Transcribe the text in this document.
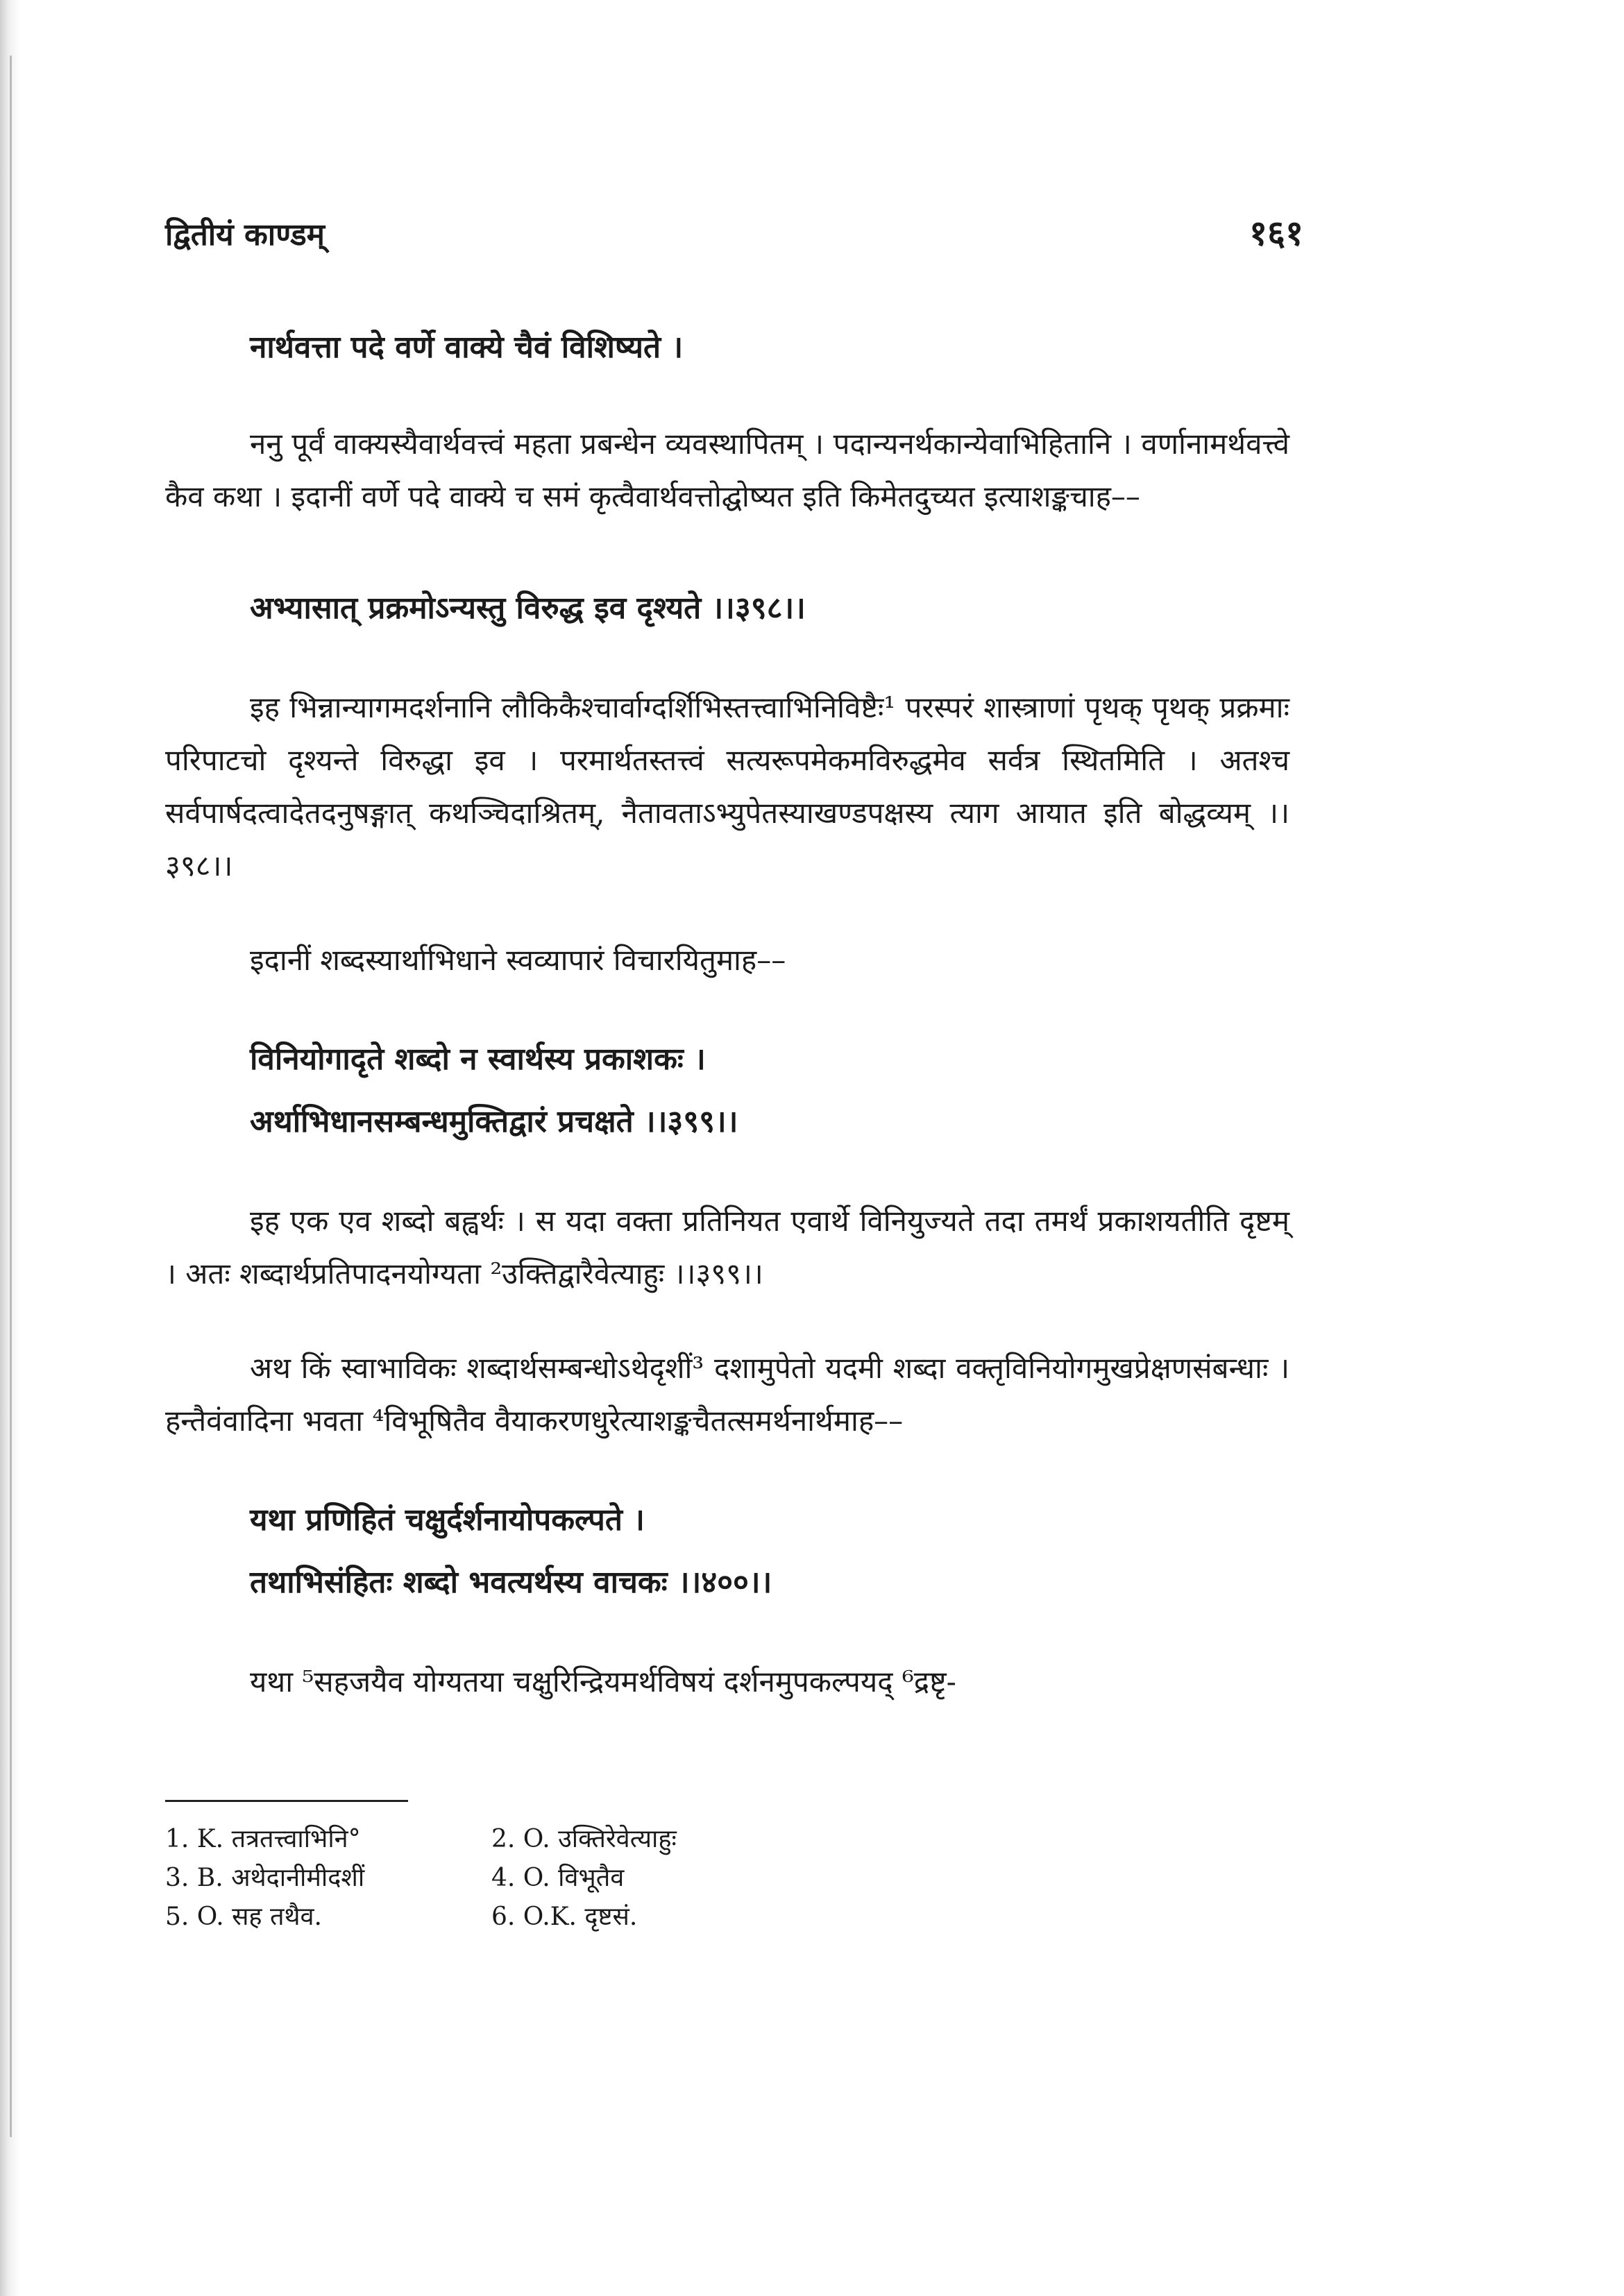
द्वितीयं काण्डम्	१६१
नार्थवत्ता पदे वर्णे वाक्ये चैवं विशिष्यते ।
ननु पूर्वं वाक्यस्यैवार्थवत्त्वं महता प्रबन्धेन व्यवस्थापितम् । पदान्यनर्थकान्येवाभिहितानि । वर्णानामर्थवत्त्वे कैव कथा । इदानीं वर्णे पदे वाक्ये च समं कृत्वैवार्थवत्तोद्घोष्यत इति किमेतदुच्यत इत्याशङ्कचाह––
अभ्यासात् प्रक्रमोऽन्यस्तु विरुद्ध इव दृश्यते ।।३९८।।
इह भिन्नान्यागमदर्शनानि लौकिकैश्चार्वाग्दर्शिभिस्तत्त्वाभिनिविष्टैः¹ परस्परं शास्त्राणां पृथक् पृथक् प्रक्रमाः परिपाटचो दृश्यन्ते विरुद्धा इव । परमार्थतस्तत्त्वं सत्यरूपमेकमविरुद्धमेव सर्वत्र स्थितमिति । अतश्च सर्वपार्षदत्वादेतदनुषङ्गात् कथञ्चिदाश्रितम्, नैतावताऽभ्युपेतस्याखण्डपक्षस्य त्याग आयात इति बोद्धव्यम् ।।३९८।।
इदानीं शब्दस्यार्थाभिधाने स्वव्यापारं विचारयितुमाह––
विनियोगादृते शब्दो न स्वार्थस्य प्रकाशकः ।
अर्थाभिधानसम्बन्धमुक्तिद्वारं प्रचक्षते ।।३९९।।
इह एक एव शब्दो बह्वर्थः । स यदा वक्ता प्रतिनियत एवार्थे विनियुज्यते तदा तमर्थं प्रकाशयतीति दृष्टम् । अतः शब्दार्थप्रतिपादनयोग्यता ²उक्तिद्वारैवेत्याहुः ।।३९९।।
अथ किं स्वाभाविकः शब्दार्थसम्बन्धोऽथेदृशीं³ दशामुपेतो यदमी शब्दा वक्तृविनियोगमुखप्रेक्षणसंबन्धाः । हन्तैवंवादिना भवता ⁴विभूषितैव वैयाकरणधुरेत्याशङ्कचैतत्समर्थनार्थमाह––
यथा प्रणिहितं चक्षुर्दर्शनायोपकल्पते ।
तथाभिसंहितः शब्दो भवत्यर्थस्य वाचकः ।।४००।।
यथा ⁵सहजयैव योग्यतया चक्षुरिन्द्रियमर्थविषयं दर्शनमुपकल्पयद् ⁶द्रष्टृ-
1. K. तत्रतत्त्वाभिनि°	2. O. उक्तिरेवेत्याहुः
3. B. अथेदानीमीदशीं	4. O. विभूतैव
5. O. सह तथैव.	6. O.K. दृष्टसं.
